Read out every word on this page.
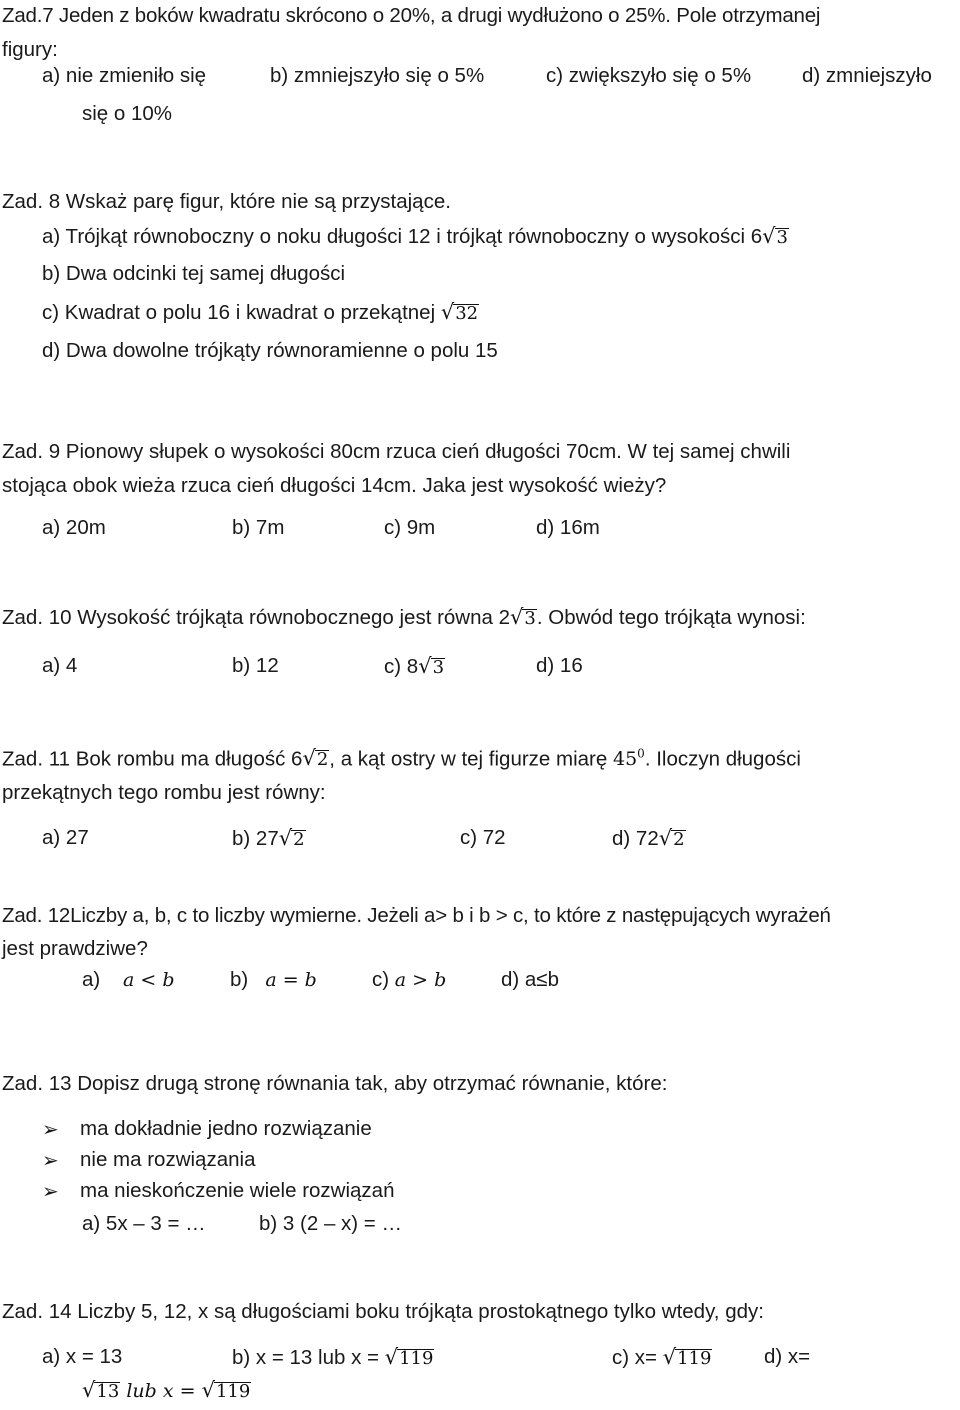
Zad.7 Jeden z boków kwadratu skrócono o 20%, a drugi wydłużono o 25%. Pole otrzymanej
figury:
a) nie zmieniło się	b) zmniejszyło się o 5%	c) zwiększyło się o 5% d) zmniejszyło
się o 10%
Zad. 8 Wskaż parę figur, które nie są przystające.
a) Trójkąt równoboczny o noku długości 12 i trójkąt równoboczny o wysokości 6 √ 3
b) Dwa odcinki tej samej długości
c) Kwadrat o polu 16 i kwadrat o przekątnej √ 32
d) Dwa dowolne trójkąty równoramienne o polu 15
Zad. 9 Pionowy słupek o wysokości 80cm rzuca cień długości 70cm. W tej samej chwili
stojąca obok wieża rzuca cień długości 14cm. Jaka jest wysokość wieży?
a) 20m	b) 7m	c) 9m	d) 16m
Zad. 10 Wysokość trójkąta równobocznego jest równa 2 √ 3 . Obwód tego trójkąta wynosi:
a) 4	b) 12	c) 8 √ 3	d) 16
Zad. 11 Bok rombu ma długość 6 √ 2 , a kąt ostry w tej figurze miarę $45^0$. Iloczyn długości
przekątnych tego rombu jest równy:
a) 27	b) 27 √ 2	c) 72	d) 72 √ 2
Zad. 12Liczby a, b, c to liczby wymierne. Jeżeli a> b i b > c, to które z następujących wyrażeń
jest prawdziwe?
a) a < b	b) a = b	c) a > b	d) a≤b
Zad. 13 Dopisz drugą stronę równania tak, aby otrzymać równanie, które:
➢ ma dokładnie jedno rozwiązanie
➢ nie ma rozwiązania
➢ ma nieskończenie wiele rozwiązań
a) 5x – 3 = …	b) 3 (2 – x) = …
Zad. 14 Liczby 5, 12, x są długościami boku trójkąta prostokątnego tylko wtedy, gdy:
a) x = 13	b) x = 13 lub x = √ 119	c) x= √ 119	d) x=
√ 13 lub x = √ 119
